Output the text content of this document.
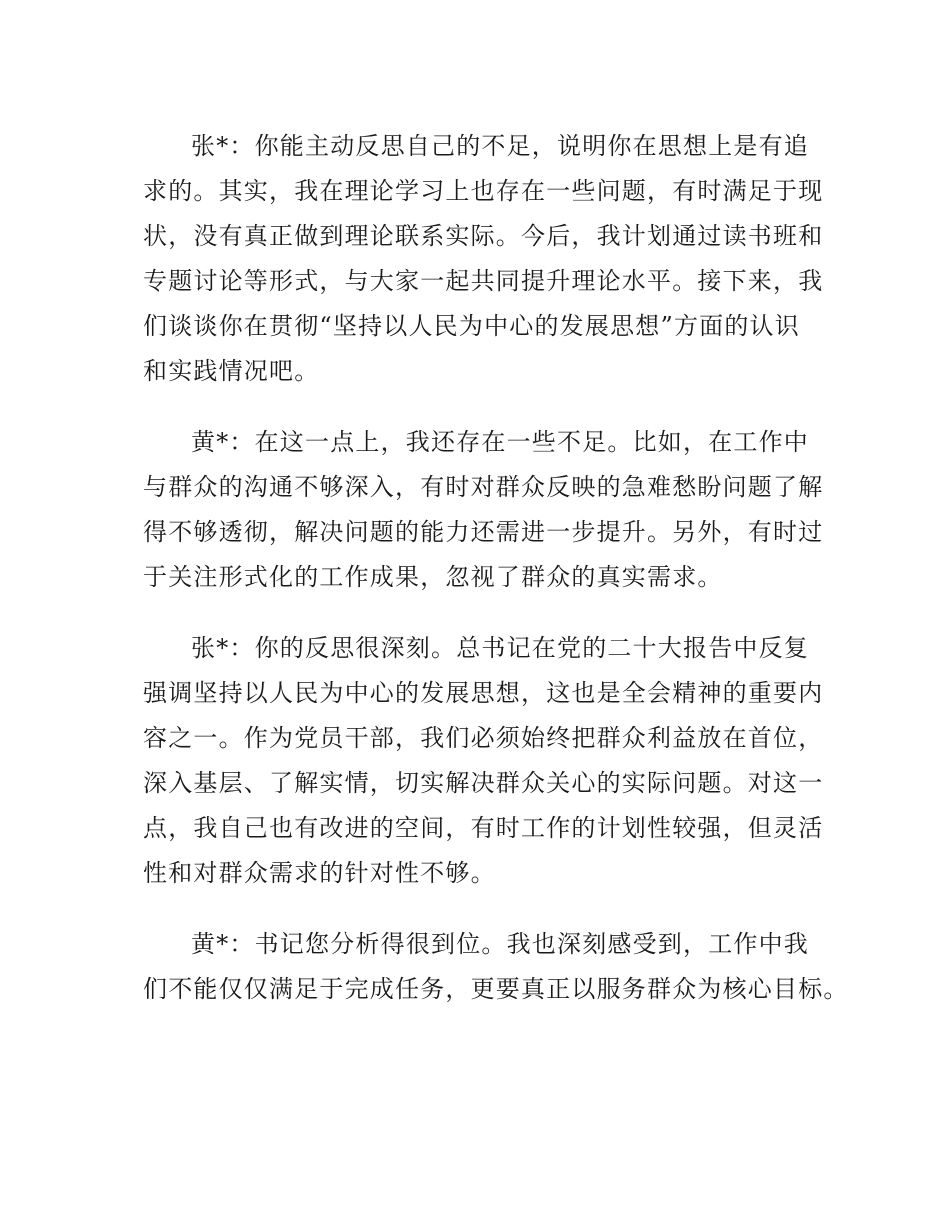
张*：你能主动反思自己的不足，说明你在思想上是有追
求的。其实，我在理论学习上也存在一些问题，有时满足于现
状，没有真正做到理论联系实际。今后，我计划通过读书班和
专题讨论等形式，与大家一起共同提升理论水平。接下来，我
们谈谈你在贯彻“坚持以人民为中心的发展思想”方面的认识
和实践情况吧。
黄*：在这一点上，我还存在一些不足。比如，在工作中
与群众的沟通不够深入，有时对群众反映的急难愁盼问题了解
得不够透彻，解决问题的能力还需进一步提升。另外，有时过
于关注形式化的工作成果，忽视了群众的真实需求。
张*：你的反思很深刻。总书记在党的二十大报告中反复
强调坚持以人民为中心的发展思想，这也是全会精神的重要内
容之一。作为党员干部，我们必须始终把群众利益放在首位，
深入基层、了解实情，切实解决群众关心的实际问题。对这一
点，我自己也有改进的空间，有时工作的计划性较强，但灵活
性和对群众需求的针对性不够。
黄*：书记您分析得很到位。我也深刻感受到，工作中我
们不能仅仅满足于完成任务，更要真正以服务群众为核心目标。
